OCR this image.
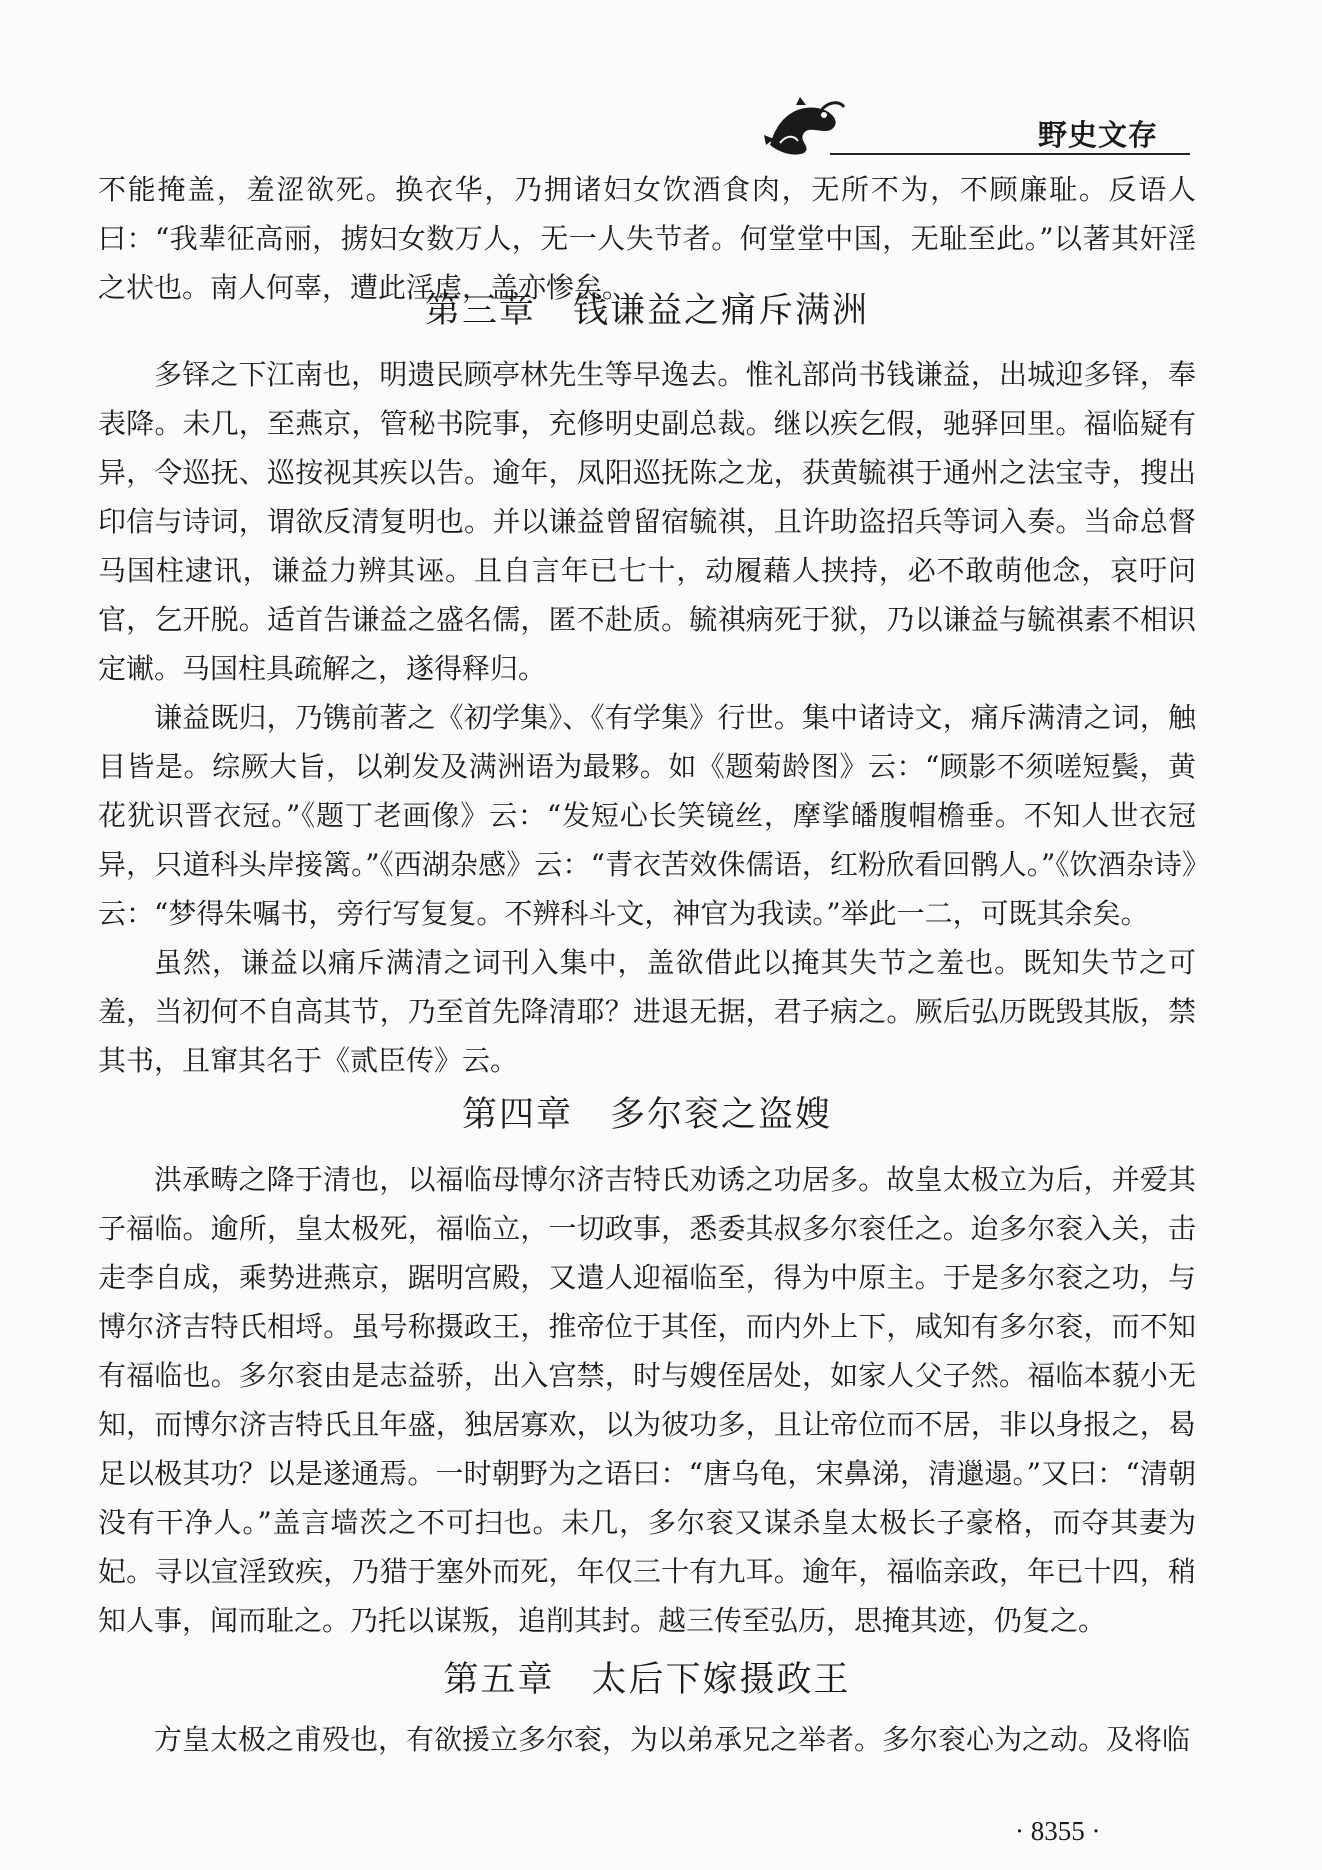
野史文存

不能掩盖，羞涩欲死。换衣华，乃拥诸妇女饮酒食肉，无所不为，不顾廉耻。反语人曰：“我辈征高丽，掳妇女数万人，无一人失节者。何堂堂中国，无耻至此。”以著其奸淫之状也。南人何辜，遭此淫虐，盖亦惨矣。

第三章　钱谦益之痛斥满洲

多铎之下江南也，明遗民顾亭林先生等早逸去。惟礼部尚书钱谦益，出城迎多铎，奉表降。未几，至燕京，管秘书院事，充修明史副总裁。继以疾乞假，驰驿回里。福临疑有异，令巡抚、巡按视其疾以告。逾年，凤阳巡抚陈之龙，获黄毓祺于通州之法宝寺，搜出印信与诗词，谓欲反清复明也。并以谦益曾留宿毓祺，且许助盗招兵等词入奏。当命总督马国柱逮讯，谦益力辨其诬。且自言年已七十，动履藉人挟持，必不敢萌他念，哀吁问官，乞开脱。适首告谦益之盛名儒，匿不赴质。毓祺病死于狱，乃以谦益与毓祺素不相识定谳。马国柱具疏解之，遂得释归。

谦益既归，乃镌前著之《初学集》、《有学集》行世。集中诸诗文，痛斥满清之词，触目皆是。综厥大旨，以剃发及满洲语为最夥。如《题菊龄图》云：“顾影不须嗟短鬓，黄花犹识晋衣冠。”《题丁老画像》云：“发短心长笑镜丝，摩挲皤腹帽檐垂。不知人世衣冠异，只道科头岸接篱。”《西湖杂感》云：“青衣苦效侏儒语，红粉欣看回鹘人。”《饮酒杂诗》云：“梦得朱嘱书，旁行写复复。不辨科斗文，神官为我读。”举此一二，可既其余矣。

虽然，谦益以痛斥满清之词刊入集中，盖欲借此以掩其失节之羞也。既知失节之可羞，当初何不自高其节，乃至首先降清耶？进退无据，君子病之。厥后弘历既毁其版，禁其书，且窜其名于《贰臣传》云。

第四章　多尔衮之盗嫂

洪承畴之降于清也，以福临母博尔济吉特氏劝诱之功居多。故皇太极立为后，并爱其子福临。逾所，皇太极死，福临立，一切政事，悉委其叔多尔衮任之。迨多尔衮入关，击走李自成，乘势进燕京，踞明宫殿，又遣人迎福临至，得为中原主。于是多尔衮之功，与博尔济吉特氏相埒。虽号称摄政王，推帝位于其侄，而内外上下，咸知有多尔衮，而不知有福临也。多尔衮由是志益骄，出入宫禁，时与嫂侄居处，如家人父子然。福临本藐小无知，而博尔济吉特氏且年盛，独居寡欢，以为彼功多，且让帝位而不居，非以身报之，曷足以极其功？以是遂通焉。一时朝野为之语曰：“唐乌龟，宋鼻涕，清邋遢。”又曰：“清朝没有干净人。”盖言墙茨之不可扫也。未几，多尔衮又谋杀皇太极长子豪格，而夺其妻为妃。寻以宣淫致疾，乃猎于塞外而死，年仅三十有九耳。逾年，福临亲政，年已十四，稍知人事，闻而耻之。乃托以谋叛，追削其封。越三传至弘历，思掩其迹，仍复之。

第五章　太后下嫁摄政王

方皇太极之甫殁也，有欲援立多尔衮，为以弟承兄之举者。多尔衮心为之动。及将临

· 8355 ·
